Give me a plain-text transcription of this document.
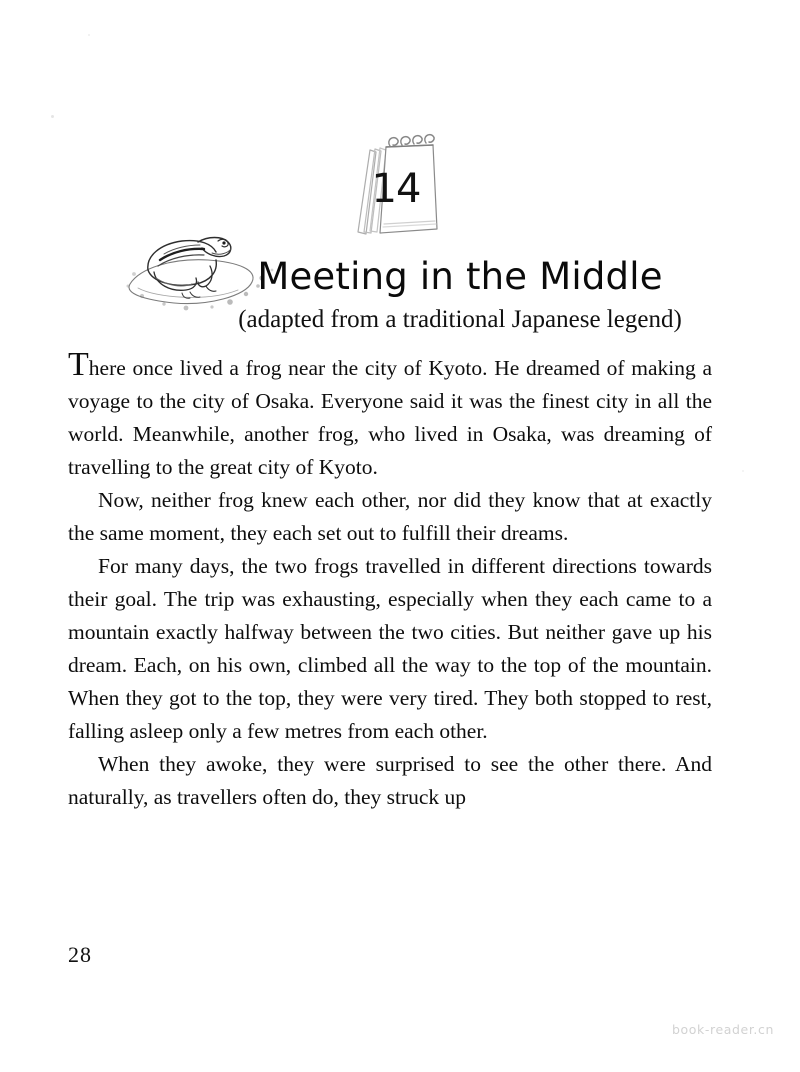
14
Meeting in the Middle
(adapted from a traditional Japanese legend)

There once lived a frog near the city of Kyoto. He dreamed of making a voyage to the city of Osaka. Everyone said it was the finest city in all the world. Meanwhile, another frog, who lived in Osaka, was dreaming of travelling to the great city of Kyoto.

Now, neither frog knew each other, nor did they know that at exactly the same moment, they each set out to fulfill their dreams.

For many days, the two frogs travelled in different directions towards their goal. The trip was exhausting, especially when they each came to a mountain exactly halfway between the two cities. But neither gave up his dream. Each, on his own, climbed all the way to the top of the mountain. When they got to the top, they were very tired. They both stopped to rest, falling asleep only a few metres from each other.

When they awoke, they were surprised to see the other there. And naturally, as travellers often do, they struck up

28
book-reader.cn
